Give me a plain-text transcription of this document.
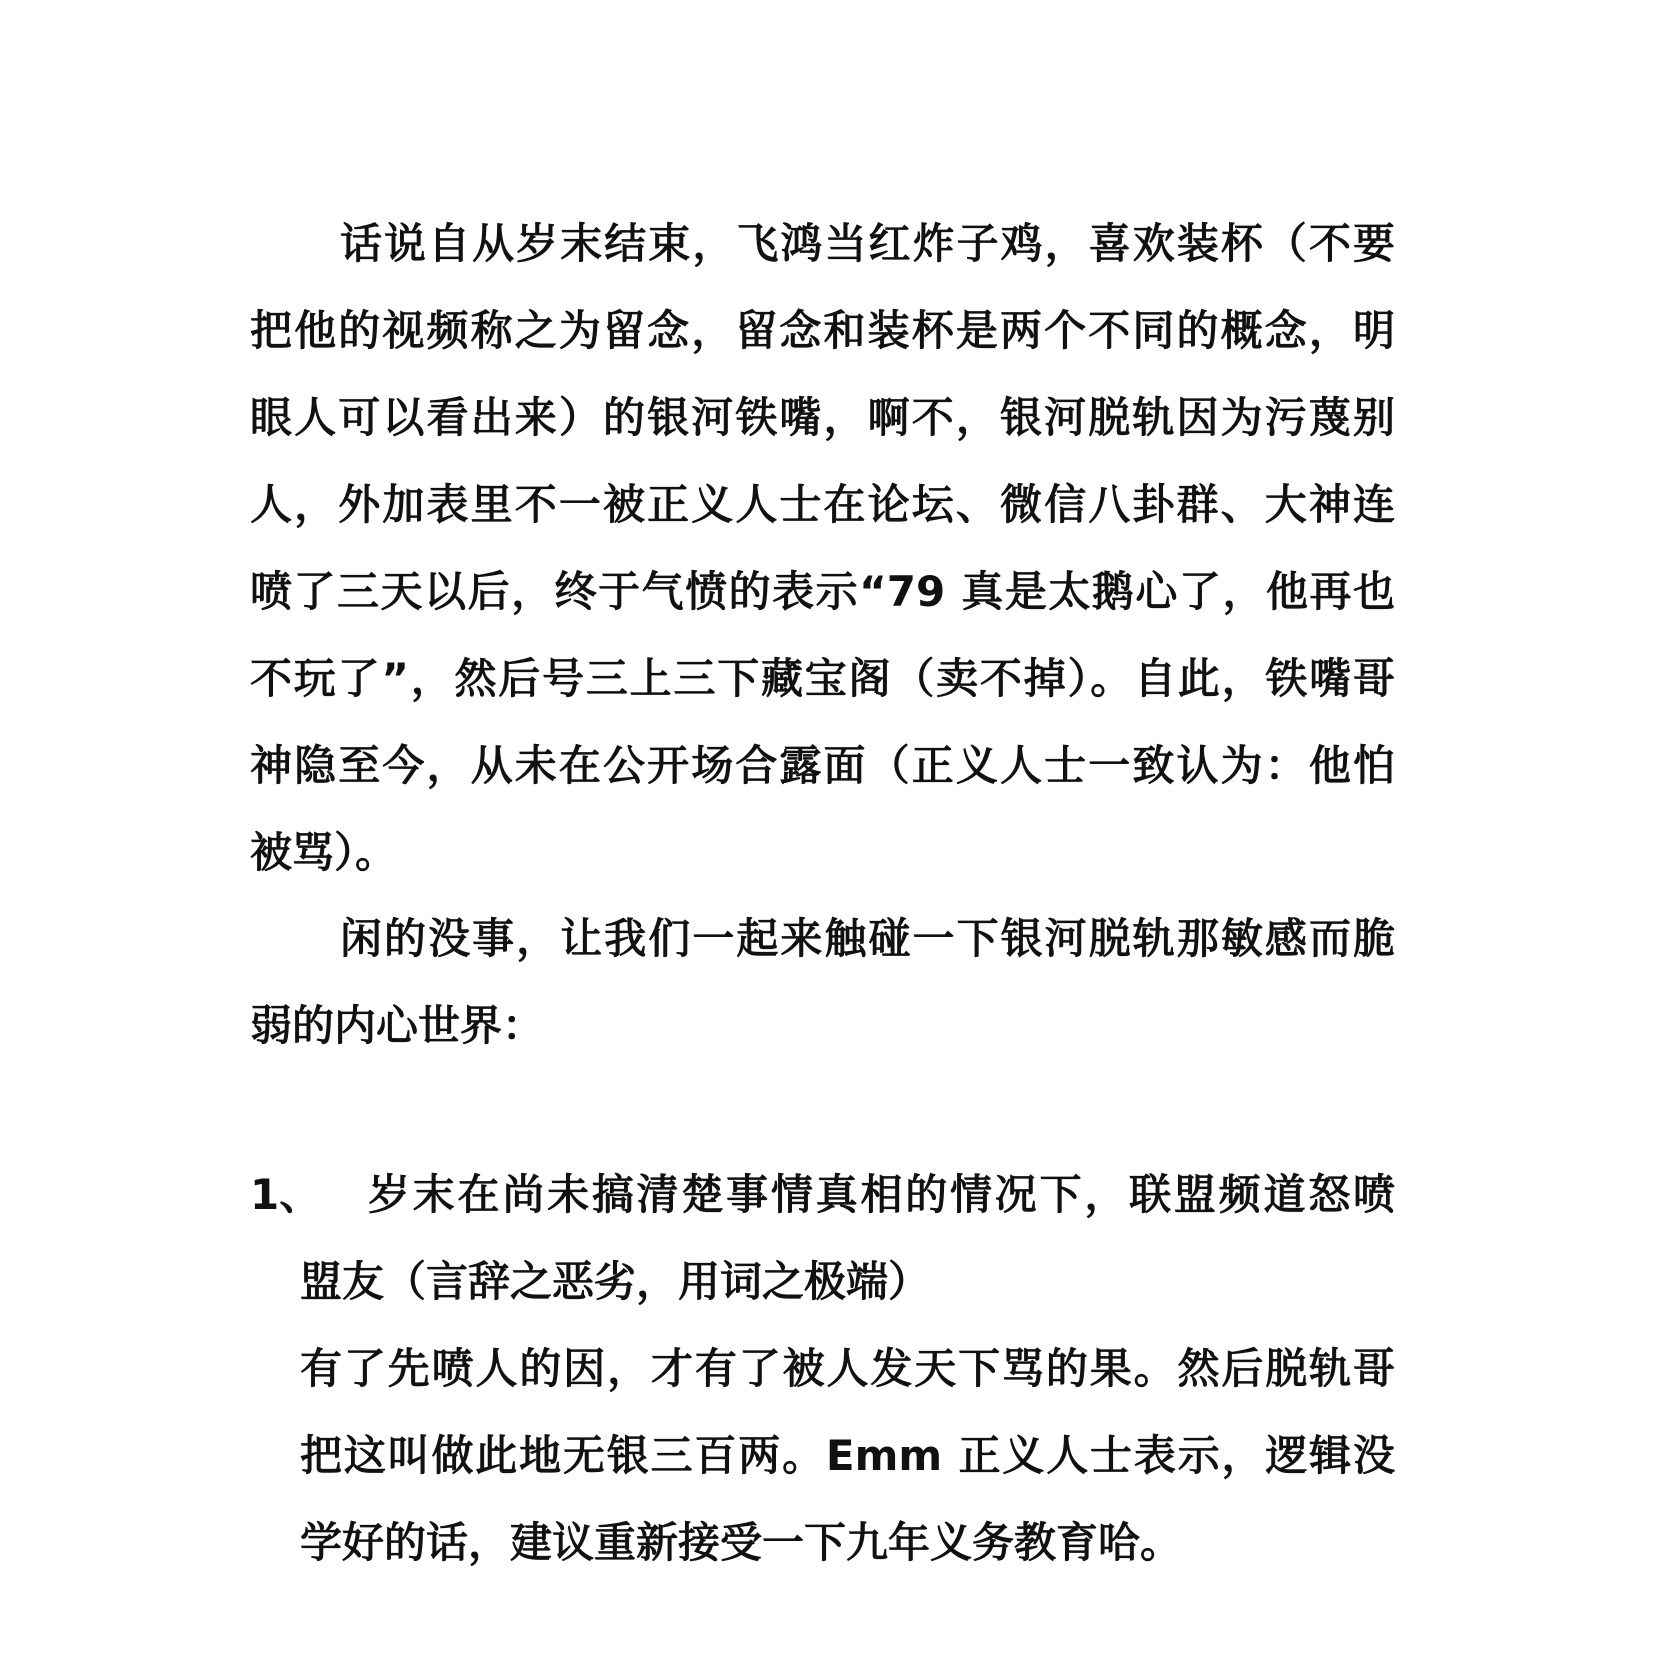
话说自从岁末结束，飞鸿当红炸子鸡，喜欢装杯（不要
把他的视频称之为留念，留念和装杯是两个不同的概念，明
眼人可以看出来）的银河铁嘴，啊不，银河脱轨因为污蔑别
人，外加表里不一被正义人士在论坛、微信八卦群、大神连
喷了三天以后，终于气愤的表示“79 真是太鹅心了，他再也
不玩了”，然后号三上三下藏宝阁（卖不掉）。自此，铁嘴哥
神隐至今，从未在公开场合露面（正义人士一致认为：他怕
被骂）。
闲的没事，让我们一起来触碰一下银河脱轨那敏感而脆
弱的内心世界：
1、	岁末在尚未搞清楚事情真相的情况下，联盟频道怒喷
盟友（言辞之恶劣，用词之极端）
有了先喷人的因，才有了被人发天下骂的果。然后脱轨哥
把这叫做此地无银三百两。Emm 正义人士表示，逻辑没
学好的话，建议重新接受一下九年义务教育哈。
